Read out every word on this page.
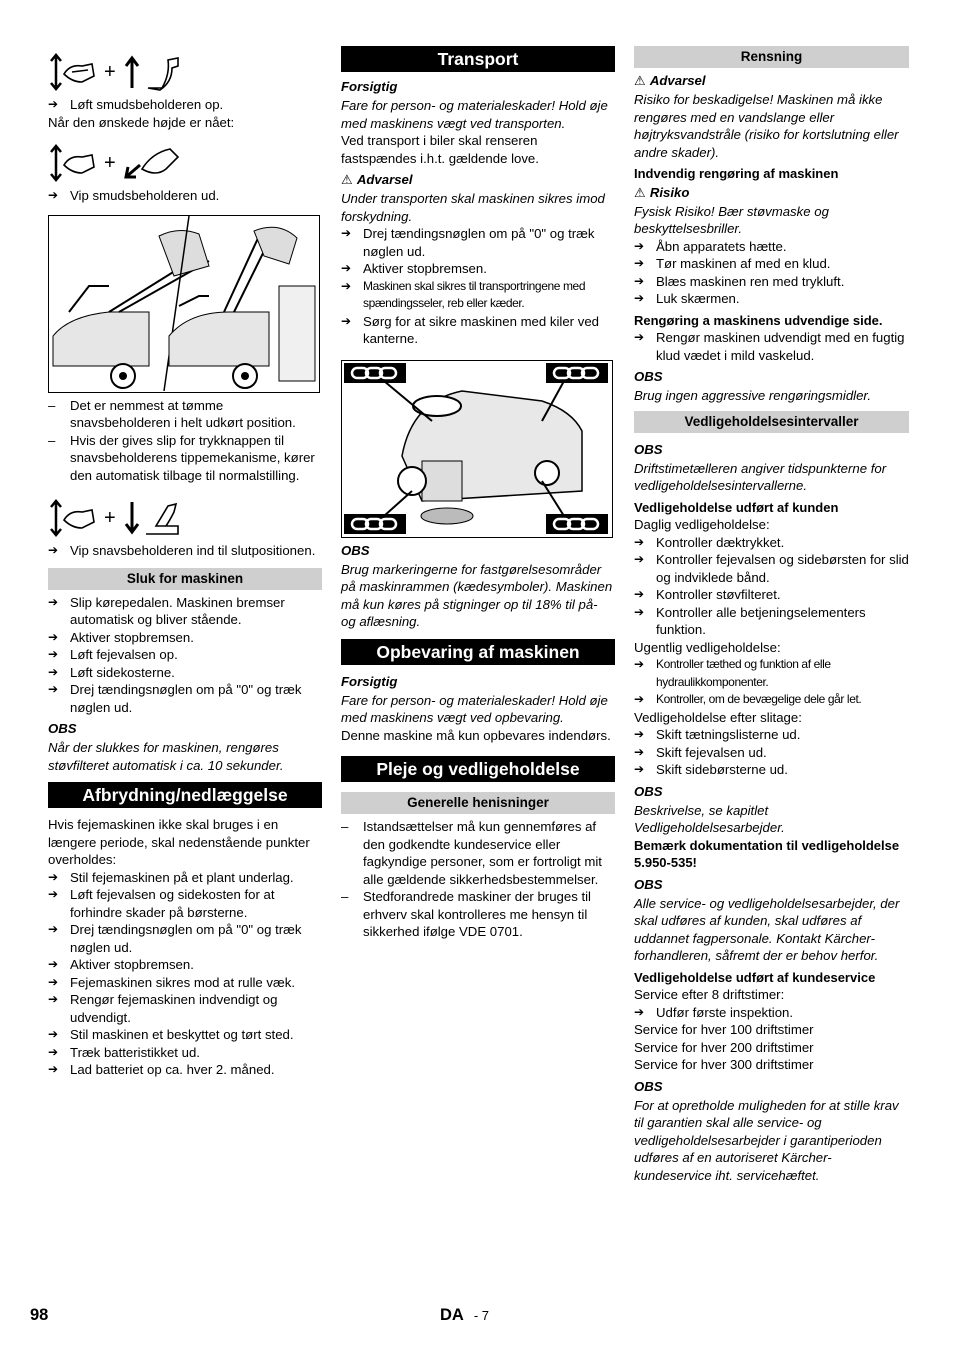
+

➔ Løft smudsbeholderen op.

Når den ønskede højde er nået:

+

➔ Vip smudsbeholderen ud.

– Det er nemmest at tømme snavsbeholderen i helt udkørt position.

– Hvis der gives slip for trykknappen til snavsbeholderens tippemekanisme, kører den automatisk tilbage til normalstilling.

+

➔ Vip snavsbeholderen ind til slutpositionen.

Sluk for maskinen

➔ Slip kørepedalen. Maskinen bremser automatisk og bliver stående.

➔ Aktiver stopbremsen.

➔ Løft fejevalsen op.

➔ Løft sidekosterne.

➔ Drej tændingsnøglen om på "0" og træk nøglen ud.

OBS

Når der slukkes for maskinen, rengøres støvfilteret automatisk i ca. 10 sekunder.

Afbrydning/nedlæggelse

Hvis fejemaskinen ikke skal bruges i en længere periode, skal nedenstående punkter overholdes:

➔ Stil fejemaskinen på et plant underlag.

➔ Løft fejevalsen og sidekosten for at forhindre skader på børsterne.

➔ Drej tændingsnøglen om på "0" og træk nøglen ud.

➔ Aktiver stopbremsen.

➔ Fejemaskinen sikres mod at rulle væk.

➔ Rengør fejemaskinen indvendigt og udvendigt.

➔ Stil maskinen et beskyttet og tørt sted.

➔ Træk batteristikket ud.

➔ Lad batteriet op ca. hver 2. måned.

Transport
Forsigtig

Fare for person- og materialeskader! Hold øje med maskinens vægt ved transporten.

Ved transport i biler skal renseren fastspændes i.h.t. gældende love.

⚠ Advarsel

Under transporten skal maskinen sikres imod forskydning.

➔ Drej tændingsnøglen om på "0" og træk nøglen ud.

➔ Aktiver stopbremsen.

➔ Maskinen skal sikres til transportringene med spændingsseler, reb eller kæder.

➔ Sørg for at sikre maskinen med kiler ved kanterne.

OBS

Brug markeringerne for fastgørelsesområder på maskinrammen (kædesymboler). Maskinen må kun køres på stigninger op til 18% til på- og aflæsning.

Opbevaring af maskinen
Forsigtig

Fare for person- og materialeskader! Hold øje med maskinens vægt ved opbevaring.

Denne maskine må kun opbevares indendørs.

Pleje og vedligeholdelse
Generelle henisninger

– Istandsættelser må kun gennemføres af den godkendte kundeservice eller fagkyndige personer, som er fortroligt mit alle gældende sikkerhedsbestemmelser.

– Stedforandrede maskiner der bruges til erhverv skal kontrolleres me hensyn til sikkerhed ifølge VDE 0701.

Rensning
⚠ Advarsel

Risiko for beskadigelse! Maskinen må ikke rengøres med en vandslange eller højtryksvandstråle (risiko for kortslutning eller andre skader).

Indvendig rengøring af maskinen

⚠ Risiko

Fysisk Risiko! Bær støvmaske og beskyttelsesbriller.

➔ Åbn apparatets hætte.

➔ Tør maskinen af med en klud.

➔ Blæs maskinen ren med trykluft.

➔ Luk skærmen.

Rengøring a maskinens udvendige side.

➔ Rengør maskinen udvendigt med en fugtig klud vædet i mild vaskelud.

OBS

Brug ingen aggressive rengøringsmidler.

Vedligeholdelsesintervaller
OBS

Driftstimetælleren angiver tidspunkterne for vedligeholdelsesintervallerne.

Vedligeholdelse udført af kunden

Daglig vedligeholdelse:

➔ Kontroller dæktrykket.

➔ Kontroller fejevalsen og sidebørsten for slid og indviklede bånd.

➔ Kontroller støvfilteret.

➔ Kontroller alle betjeningselementers funktion.

Ugentlig vedligeholdelse:

➔ Kontroller tæthed og funktion af elle hydraulikkomponenter.

➔ Kontroller, om de bevægelige dele går let.

Vedligeholdelse efter slitage:

➔ Skift tætningslisterne ud.

➔ Skift fejevalsen ud.

➔ Skift sidebørsterne ud.

OBS

Beskrivelse, se kapitlet Vedligeholdelsesarbejder.

Bemærk dokumentation til vedligeholdelse 5.950-535!

OBS

Alle service- og vedligeholdelsesarbejder, der skal udføres af kunden, skal udføres af uddannet fagpersonale. Kontakt Kärcher-forhandleren, såfremt der er behov herfor.

Vedligeholdelse udført af kundeservice

Service efter 8 driftstimer:

➔ Udfør første inspektion.

Service for hver 100 driftstimer

Service for hver 200 driftstimer

Service for hver 300 driftstimer

OBS

For at opretholde muligheden for at stille krav til garantien skal alle service- og vedligeholdelsesarbejder i garantiperioden udføres af en autoriseret Kärcher-kundeservice iht. servicehæftet.

98	DA - 7
